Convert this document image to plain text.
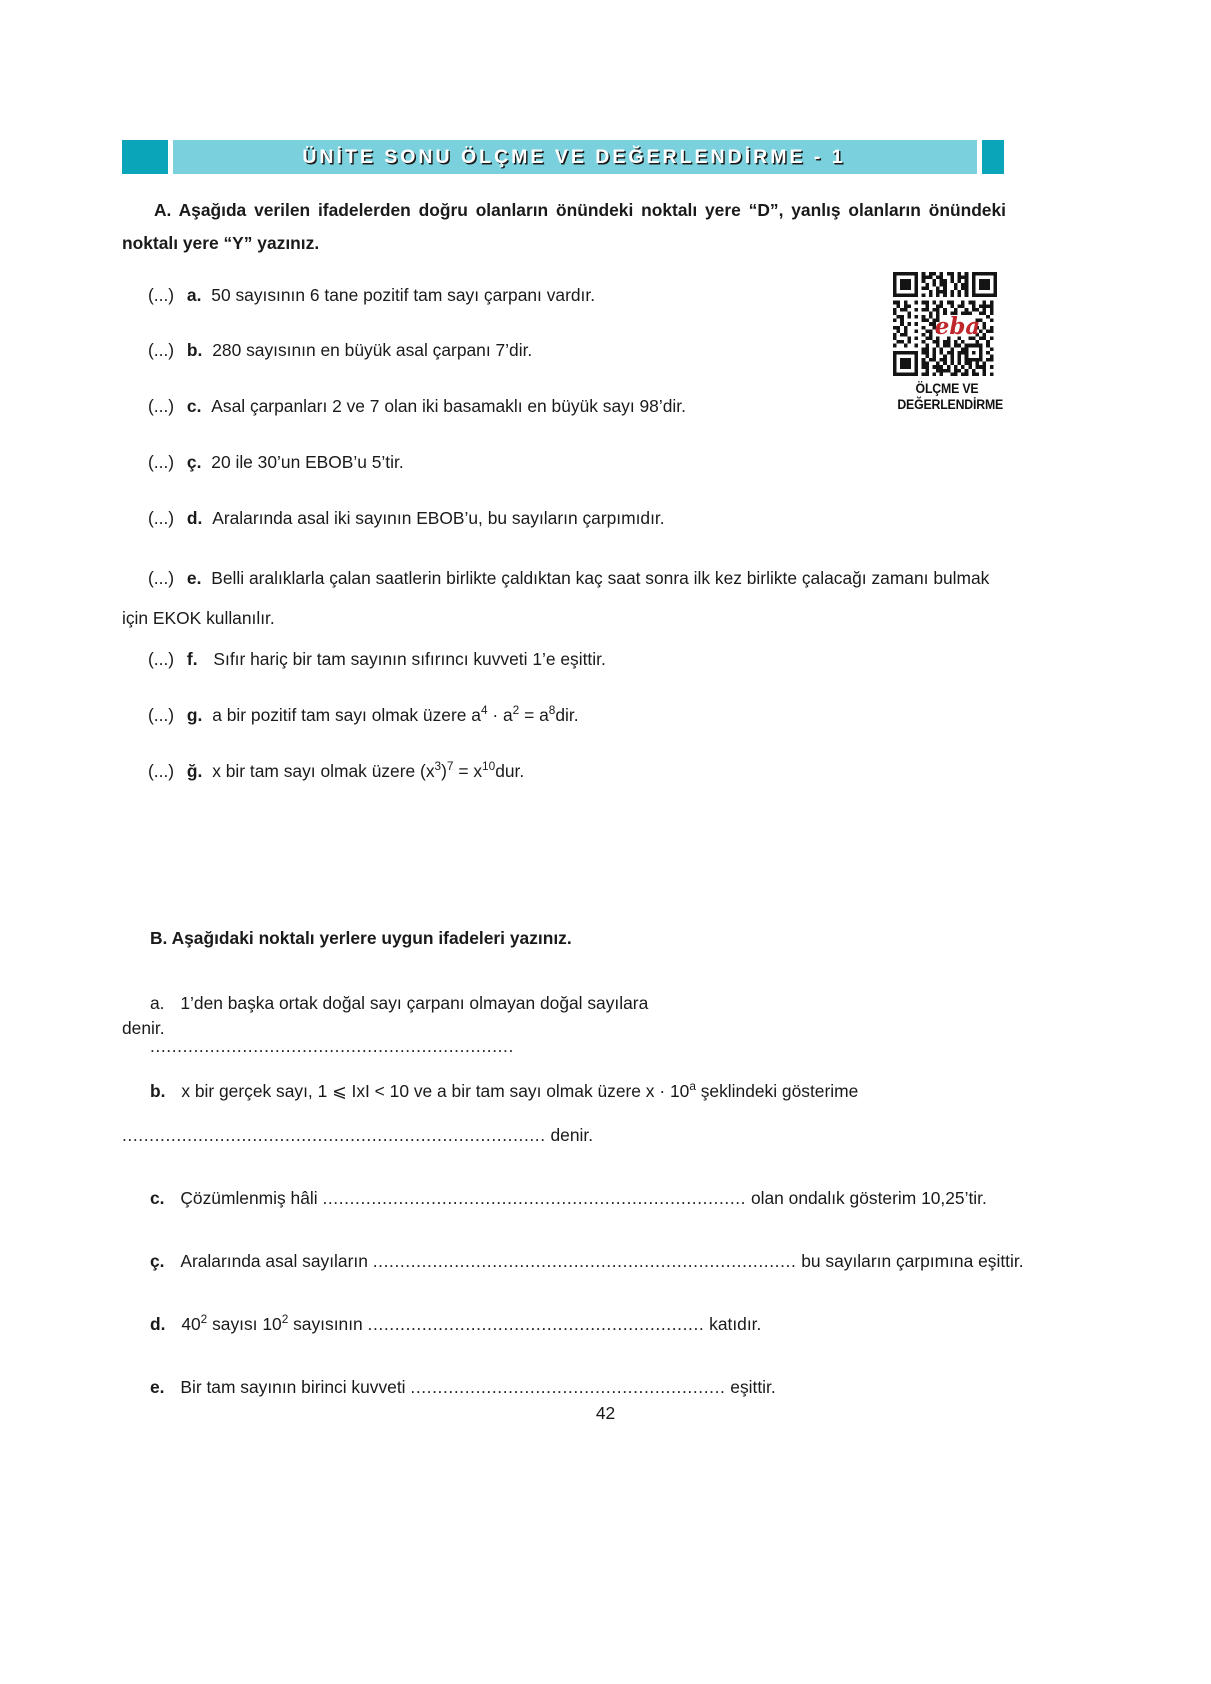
ÜNİTE SONU ÖLÇME VE DEĞERLENDİRME - 1
A. Aşağıda verilen ifadelerden doğru olanların önündeki noktalı yere “D”, yanlış olanların önündeki noktalı yere “Y” yazınız.
eba
ÖLÇME VE
DEĞERLENDİRME
(...) a. 50 sayısının 6 tane pozitif tam sayı çarpanı vardır.
(...) b. 280 sayısının en büyük asal çarpanı 7’dir.
(...) c. Asal çarpanları 2 ve 7 olan iki basamaklı en büyük sayı 98’dir.
(...) ç. 20 ile 30’un EBOB’u 5’tir.
(...) d. Aralarında asal iki sayının EBOB’u, bu sayıların çarpımıdır.
(...) e. Belli aralıklarla çalan saatlerin birlikte çaldıktan kaç saat sonra ilk kez birlikte çalacağı zamanı bulmak için EKOK kullanılır.
(...) f. Sıfır hariç bir tam sayının sıfırıncı kuvveti 1’e eşittir.
(...) g. a bir pozitif tam sayı olmak üzere $a^4 \cdot a^2 = a^8dir$.
(...) ğ. x bir tam sayı olmak üzere $(x^3)^7 = x^{10}dur$.
B. Aşağıdaki noktalı yerlere uygun ifadeleri yazınız.
a. 1’den başka ortak doğal sayı çarpanı olmayan doğal sayılara ...................................................................
denir.
b. x bir gerçek sayı, 1 ⩽ ΙxΙ < 10 ve a bir tam sayı olmak üzere $x \cdot 10^a$ şeklindeki gösterime
.............................................................................. denir.
c. Çözümlenmiş hâli .............................................................................. olan ondalık gösterim 10,25’tir.
ç. Aralarında asal sayıların .............................................................................. bu sayıların çarpımına eşittir.
d. $40^2$ sayısı $10^2$ sayısının .............................................................. katıdır.
e. Bir tam sayının birinci kuvveti .......................................................... eşittir.
42
